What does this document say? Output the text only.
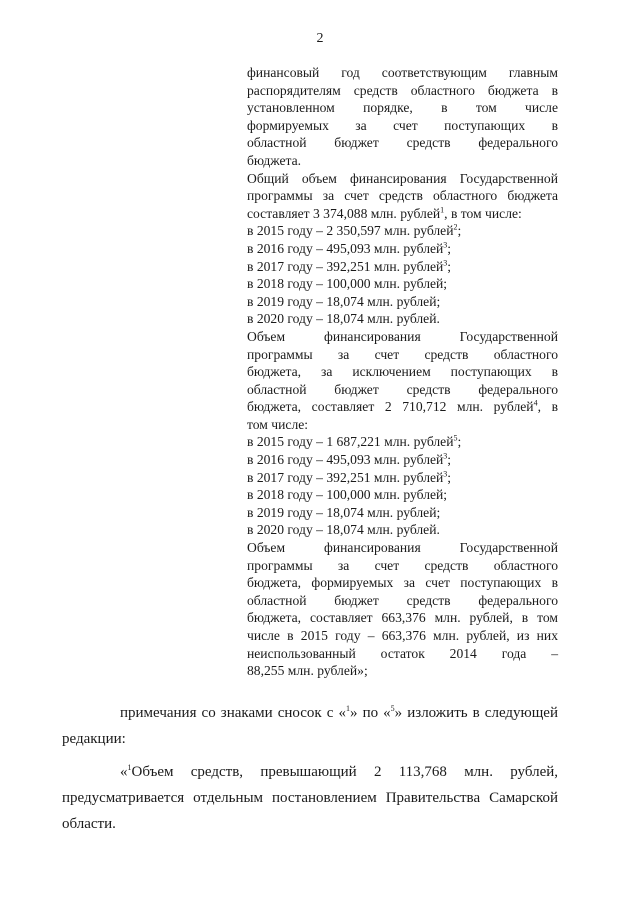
2
финансовый год соответствующим главным
распорядителям средств областного бюджета в
установленном порядке, в том числе
формируемых за счет поступающих в
областной бюджет средств федерального
бюджета.
Общий объем финансирования Государственной
программы за счет средств областного бюджета
составляет 3 374,088 млн. рублей$^1$, в том числе:
в 2015 году – 2 350,597 млн. рублей$^2$;
в 2016 году – 495,093 млн. рублей$^3$;
в 2017 году – 392,251 млн. рублей$^3$;
в 2018 году – 100,000 млн. рублей;
в 2019 году – 18,074 млн. рублей;
в 2020 году – 18,074 млн. рублей.
Объем финансирования Государственной
программы за счет средств областного
бюджета, за исключением поступающих в
областной бюджет средств федерального
бюджета, составляет 2 710,712 млн. рублей$^4$, в
том числе:
в 2015 году – 1 687,221 млн. рублей$^5$;
в 2016 году – 495,093 млн. рублей$^3$;
в 2017 году – 392,251 млн. рублей$^3$;
в 2018 году – 100,000 млн. рублей;
в 2019 году – 18,074 млн. рублей;
в 2020 году – 18,074 млн. рублей.
Объем финансирования Государственной
программы за счет средств областного
бюджета, формируемых за счет поступающих в
областной бюджет средств федерального
бюджета, составляет 663,376 млн. рублей, в том
числе в 2015 году – 663,376 млн. рублей, из них
неиспользованный остаток 2014 года –
88,255 млн. рублей»;
примечания со знаками сносок с «$^1$» по «$^5$» изложить в следующей
редакции:
«$^1$Объем средств, превышающий 2 113,768 млн. рублей,
предусматривается отдельным постановлением Правительства Самарской
области.
